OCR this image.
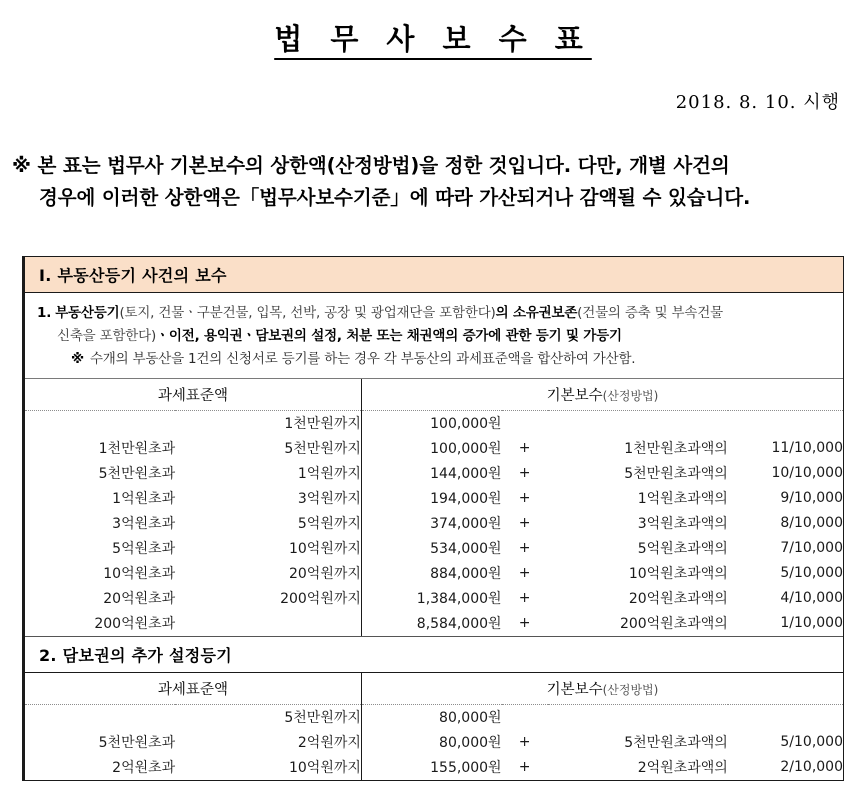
법 무 사 보 수 표
2018. 8. 10. 시행
※ 본 표는 법무사 기본보수의 상한액(산정방법)을 정한 것입니다. 다만, 개별 사건의
경우에 이러한 상한액은「법무사보수기준」에 따라 가산되거나 감액될 수 있습니다.
Ⅰ. 부동산등기 사건의 보수
1. 부동산등기(토지, 건물ㆍ구분건물, 입목, 선박, 공장 및 광업재단을 포함한다)의 소유권보존(건물의 증축 및 부속건물
신축을 포함한다)ㆍ이전, 용익권ㆍ담보권의 설정, 처분 또는 채권액의 증가에 관한 등기 및 가등기
※ 수개의 부동산을 1건의 신청서로 등기를 하는 경우 각 부동산의 과세표준액을 합산하여 가산함.
과세표준액		기본보수(산정방법)			
	1천만원까지	100,000원			
1천만원초과	5천만원까지	100,000원	+	1천만원초과액의	11/10,000
5천만원초과	1억원까지	144,000원	+	5천만원초과액의	10/10,000
1억원초과	3억원까지	194,000원	+	1억원초과액의	9/10,000
3억원초과	5억원까지	374,000원	+	3억원초과액의	8/10,000
5억원초과	10억원까지	534,000원	+	5억원초과액의	7/10,000
10억원초과	20억원까지	884,000원	+	10억원초과액의	5/10,000
20억원초과	200억원까지	1,384,000원	+	20억원초과액의	4/10,000
200억원초과		8,584,000원	+	200억원초과액의	1/10,000
2. 담보권의 추가 설정등기
과세표준액		기본보수(산정방법)			
	5천만원까지	80,000원			
5천만원초과	2억원까지	80,000원	+	5천만원초과액의	5/10,000
2억원초과	10억원까지	155,000원	+	2억원초과액의	2/10,000
